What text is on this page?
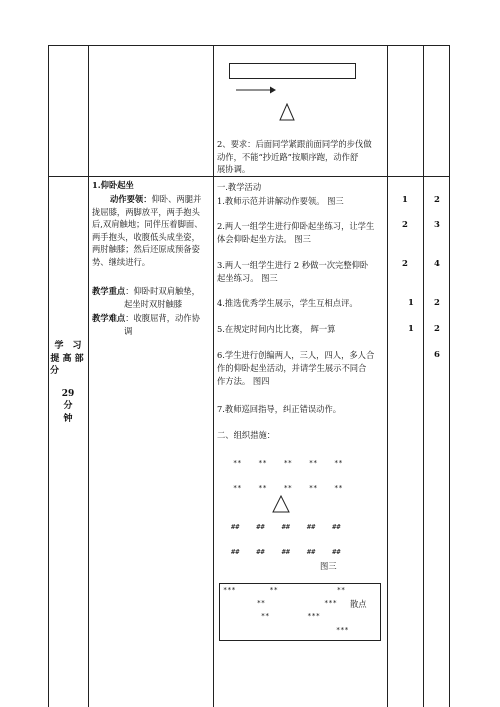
2、要求：后面同学紧跟前面同学的步伐做
动作，不能“抄近路”按顺序跑，动作舒
展协调。
学　习
提 高 部
分
29
分
钟
1.仰卧起坐
动作要领：仰卧、两腿并
拢屈膝，两脚放平，两手抱头
后,双肩触地；同伴压着脚面、
两手抱头，收腹低头成坐姿，
两肘触膝；然后还原成预备姿
势、继续进行。
教学重点：仰卧时双肩触垫，
起坐时双肘触膝
教学难点：收腹屈背，动作协
调
一.教学活动
1.教师示范并讲解动作要领。 图三
2.两人一组学生进行仰卧起坐练习，让学生
体会仰卧起坐方法。 图三
3.两人一组学生进行 2 秒做一次完整仰卧
起坐练习。 图三
4.推选优秀学生展示，学生互相点评。
5.在规定时间内比比赛， 辉一算
6.学生进行创编两人，三人，四人，多人合
作的仰卧起坐活动，并请学生展示不同合
作方法。 图四
7.教师巡回指导，纠正错误动作。
二、组织措施：
**    **    **    **    **
**    **    **    **    **
##    ##    ##    ##    ##
##    ##    ##    ##    ##
图三
***        **              **
**              *** 散点
**         ***
***
1
2
2
1
1
2
3
4
2
2
6
